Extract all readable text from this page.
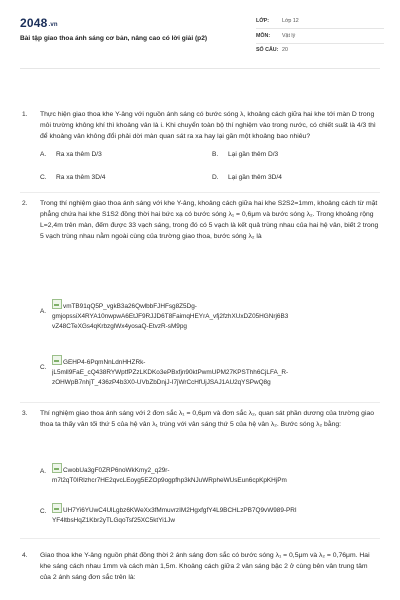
2048.vn
Bài tập giao thoa ánh sáng cơ bản, nâng cao có lời giải (p2)
LỚP: Lớp 12
MÔN: Vật lý
SỐ CÂU: 20
1. Thực hiện giao thoa khe Y-âng với nguồn ánh sáng có bước sóng λ, khoảng cách giữa hai khe tới màn D trong môi trường không khí thì khoảng vân là i. Khi chuyển toàn bộ thí nghiệm vào trong nước, có chiết suất là 4/3 thì để khoảng vân không đổi phải dời màn quan sát ra xa hay lại gần một khoảng bao nhiêu?
A. Ra xa thêm D/3	B. Lại gần thêm D/3
C. Ra xa thêm 3D/4	D. Lại gần thêm 3D/4
2. Trong thí nghiệm giao thoa ánh sáng với khe Y-âng, khoảng cách giữa hai khe S2S2=1mm, khoảng cách từ mặt phẳng chứa hai khe S1S2 đồng thời hai bức xạ có bước sóng λ₁ = 0,6μm và bước sóng λ₂. Trong khoảng rộng L=2,4m trên màn, đếm được 33 vạch sáng, trong đó có 5 vạch là kết quả trùng nhau của hai hệ vân, biết 2 trong 5 vạch trùng nhau nằm ngoài cùng của trường giao thoa, bước sóng λ₂ là
A.
vmTB91qQ5P_vgkB3a26QwlbbFJHFsg8Z5Dg-
gmjopssiX4RYA10nwpwA6EtJF9RJJD6T8FaimqHEYrA_vfj2fzhXUxDZ05HGNrj6B3
vZ48CTeXGs4qKrbzglWx4yosaQ-EtvzR-sM9pg
C.
GEHP4-6PqmNnLdnHHZRk-
jL5mll9FaE_cQ438RYWptfPZzLKDKo3ePBxfjn90ktPwmUPM27KPSThh6CjLFA_R-
zOHWpB7nhjT_436zP4b3X0-UVbZbDnjJ-I7jWrCcHfUjJSAJ1AU2qYSPwQ8g
3. Thí nghiệm giao thoa ánh sáng với 2 đơn sắc λ₁ = 0,6μm và đơn sắc λ₂, quan sát phần dương của trường giao thoa ta thấy vân tối thứ 5 của hệ vân λ₁ trùng với vân sáng thứ 5 của hệ vân λ₂. Bước sóng λ₂ bằng:
A.	CwobUa3gF0ZRP6noWkKmy2_q29r-
m7l2qT0IRlzhcr7HE2qvcLEoyg5EZOp9ogpfhp3kNJuWRpheWUsEun6cpKpKHjPm
C.	UH7Yi6YUwC4UlLgbz6KWeXx3fMmuvrzIM2HgxfgfY4L9BCHLzPB7Q9vW989-PRI
YF4ltbsHqZ1Kbr2yTLGqoTsf25XC5ktYi1Jw
4. Giao thoa khe Y-âng nguồn phát đồng thời 2 ánh sáng đơn sắc có bước sóng λ₁ = 0,5μm và λ₂ = 0,76μm. Hai khe sáng cách nhau 1mm và cách màn 1,5m. Khoảng cách giữa 2 vân sáng bậc 2 ở cùng bên vân trung tâm của 2 ánh sáng đơn sắc trên là:
